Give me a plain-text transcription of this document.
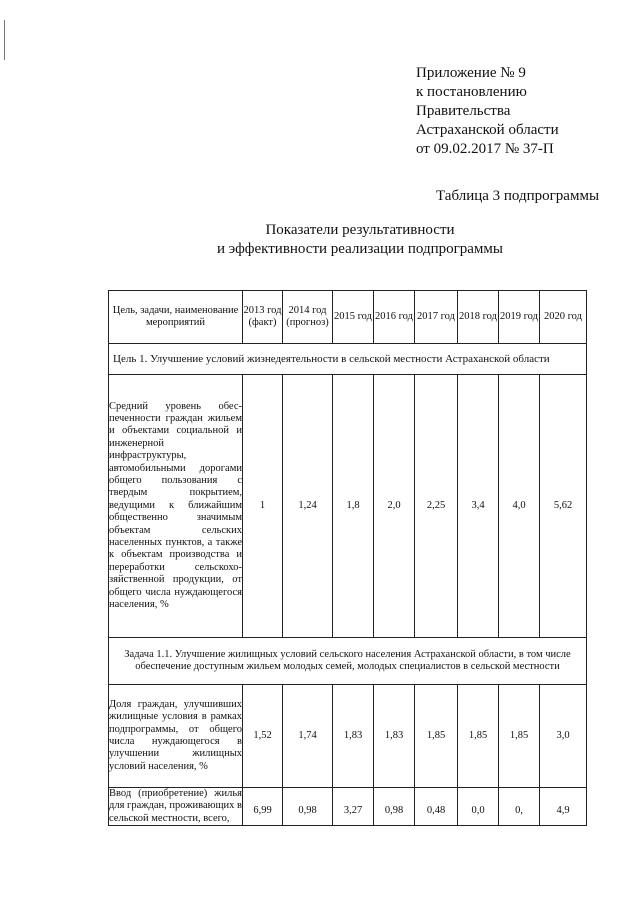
Приложение № 9
к постановлению
Правительства
Астраханской области
от 09.02.2017 № 37-П
Таблица 3 подпрограммы
Показатели результативности
и эффективности реализации подпрограммы
Цель, задачи, наименование мероприятий	2013 год (факт)	2014 год (прогноз)	2015 год	2016 год	2017 год	2018 год	2019 год	2020 год
Цель 1. Улучшение условий жизнедеятельности в сельской местности Астраханской области								
Средний уровень обеспеченности граждан жильем и объектами социальной и инженерной инфраструктуры, автомобильными дорогами общего пользования с твердым покрытием, ведущими к ближайшим общественно значимым объектам сельских населенных пунктов, а также к объектам производства и переработки сельскохозяйственной продукции, от общего числа нуждающегося населения, %	1	1,24	1,8	2,0	2,25	3,4	4,0	5,62
Задача 1.1. Улучшение жилищных условий сельского населения Астраханской области, в том числе обеспечение доступным жильем молодых семей, молодых специалистов в сельской местности								
Доля граждан, улучшивших жилищные условия в рамках подпрограммы, от общего числа нуждающегося в улучшении жилищных условий населения, %	1,52	1,74	1,83	1,83	1,85	1,85	1,85	3,0
Ввод (приобретение) жилья для граждан, проживающих в сельской местности, всего,	6,99	0,98	3,27	0,98	0,48	0,0	0,	4,9
